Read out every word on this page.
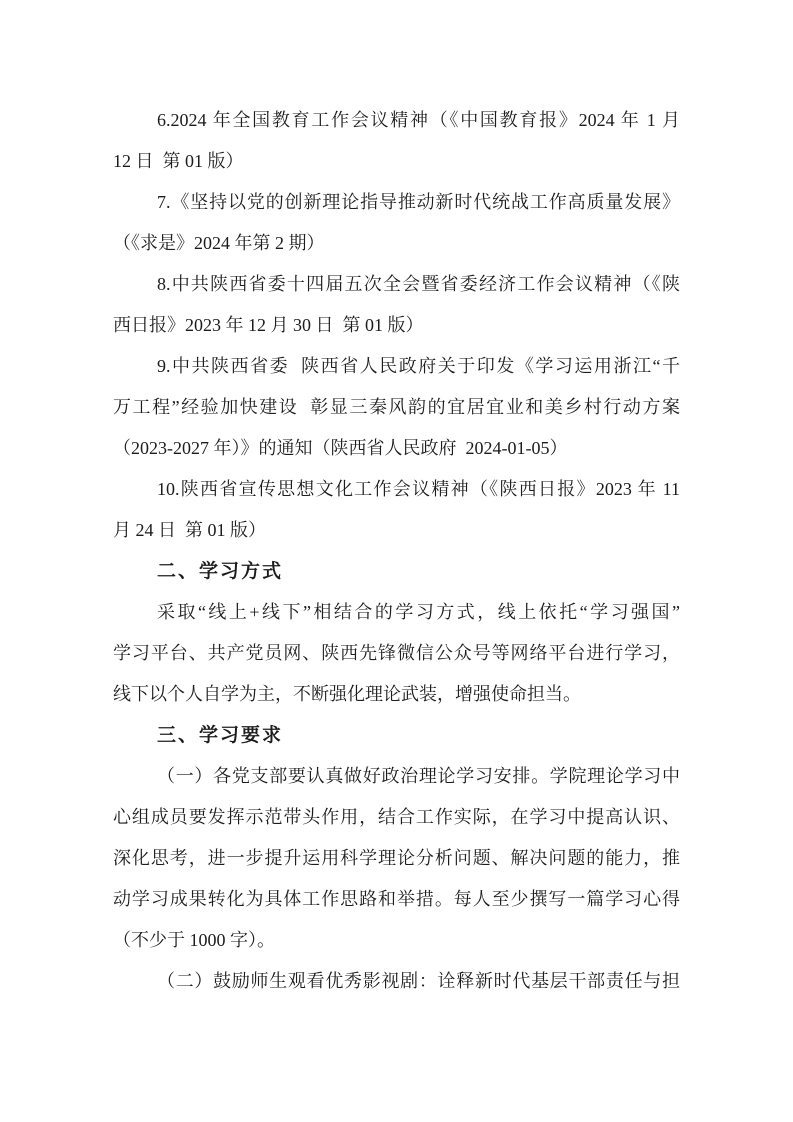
6.2024 年全国教育工作会议精神（《中国教育报》2024 年 1 月
12 日  第 01 版）
7.《坚持以党的创新理论指导推动新时代统战工作高质量发展》
（《求是》2024 年第 2 期）
8.中共陕西省委十四届五次全会暨省委经济工作会议精神（《陕
西日报》2023 年 12 月 30 日  第 01 版）
9.中共陕西省委  陕西省人民政府关于印发《学习运用浙江“千
万工程”经验加快建设  彰显三秦风韵的宜居宜业和美乡村行动方案
（2023-2027 年）》的通知（陕西省人民政府  2024-01-05）
10.陕西省宣传思想文化工作会议精神（《陕西日报》2023 年 11
月 24 日  第 01 版）
二、学习方式
采取“线上+线下”相结合的学习方式，线上依托“学习强国”
学习平台、共产党员网、陕西先锋微信公众号等网络平台进行学习，
线下以个人自学为主，不断强化理论武装，增强使命担当。
三、学习要求
（一）各党支部要认真做好政治理论学习安排。学院理论学习中
心组成员要发挥示范带头作用，结合工作实际，在学习中提高认识、
深化思考，进一步提升运用科学理论分析问题、解决问题的能力，推
动学习成果转化为具体工作思路和举措。每人至少撰写一篇学习心得
（不少于 1000 字）。
（二）鼓励师生观看优秀影视剧：诠释新时代基层干部责任与担
